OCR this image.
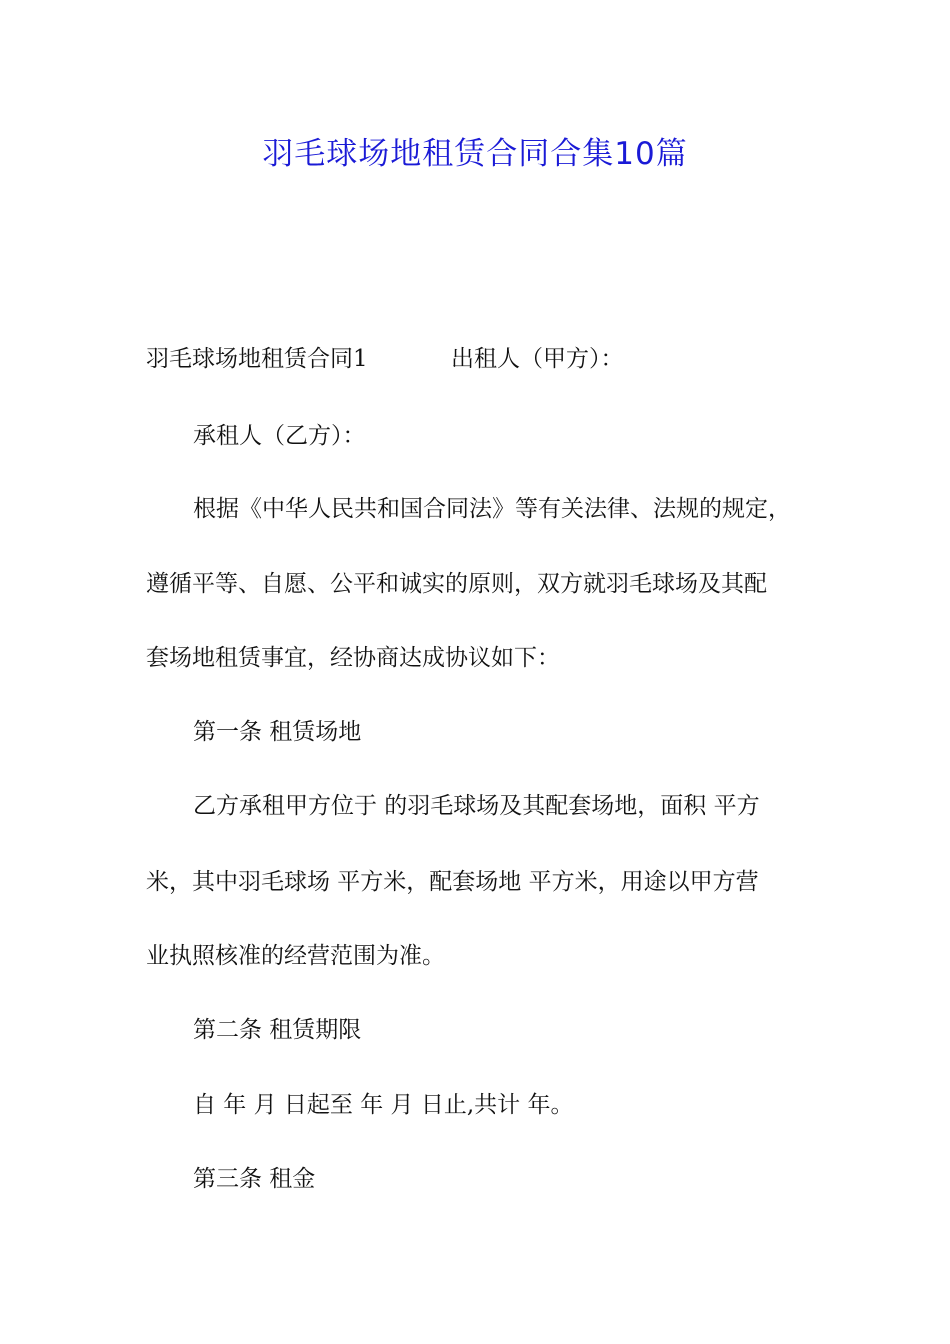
羽毛球场地租赁合同合集10篇
羽毛球场地租赁合同1	出租人（甲方）：
承租人（乙方）：
根据《中华人民共和国合同法》等有关法律、法规的规定，
遵循平等、自愿、公平和诚实的原则，双方就羽毛球场及其配
套场地租赁事宜，经协商达成协议如下：
第一条 租赁场地
乙方承租甲方位于 的羽毛球场及其配套场地，面积 平方
米，其中羽毛球场 平方米，配套场地 平方米，用途以甲方营
业执照核准的经营范围为准。
第二条 租赁期限
自 年 月 日起至 年 月 日止,共计 年。
第三条 租金
